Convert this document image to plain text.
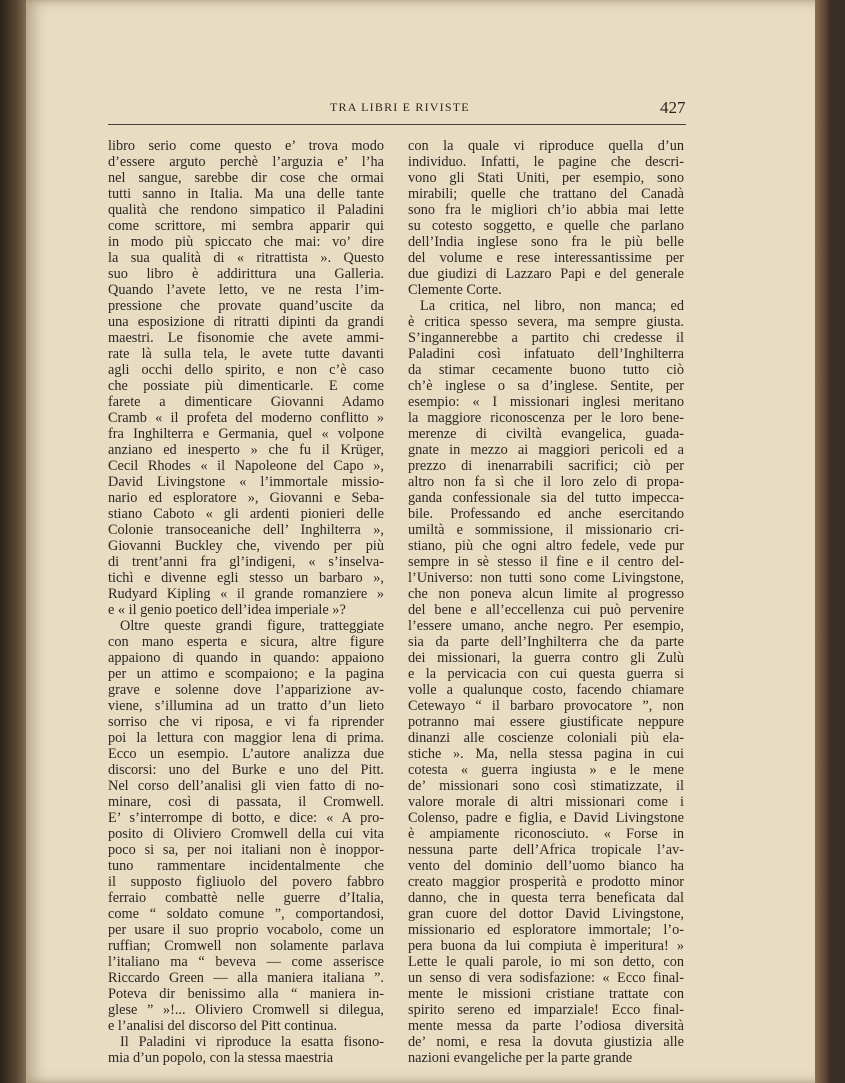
TRA LIBRI E RIVISTE	427
libro serio come questo e’ trova modo
d’essere arguto perchè l’arguzia e’ l’ha
nel sangue, sarebbe dir cose che ormai
tutti sanno in Italia. Ma una delle tante
qualità che rendono simpatico il Paladini
come scrittore, mi sembra apparir qui
in modo più spiccato che mai: vo’ dire
la sua qualità di « ritrattista ». Questo
suo libro è addirittura una Galleria.
Quando l’avete letto, ve ne resta l’im-
pressione che provate quand’uscite da
una esposizione di ritratti dipinti da grandi
maestri. Le fisonomie che avete ammi-
rate là sulla tela, le avete tutte davanti
agli occhi dello spirito, e non c’è caso
che possiate più dimenticarle. E come
farete a dimenticare Giovanni Adamo
Cramb « il profeta del moderno conflitto »
fra Inghilterra e Germania, quel « volpone
anziano ed inesperto » che fu il Krüger,
Cecil Rhodes « il Napoleone del Capo »,
David Livingstone « l’immortale missio-
nario ed esploratore », Giovanni e Seba-
stiano Caboto « gli ardenti pionieri delle
Colonie transoceaniche dell’ Inghilterra »,
Giovanni Buckley che, vivendo per più
di trent’anni fra gl’indigeni, « s’inselva-
tichì e divenne egli stesso un barbaro »,
Rudyard Kipling « il grande romanziere »
e « il genio poetico dell’idea imperiale »?
Oltre queste grandi figure, tratteggiate
con mano esperta e sicura, altre figure
appaiono di quando in quando: appaiono
per un attimo e scompaiono; e la pagina
grave e solenne dove l’apparizione av-
viene, s’illumina ad un tratto d’un lieto
sorriso che vi riposa, e vi fa riprender
poi la lettura con maggior lena di prima.
Ecco un esempio. L’autore analizza due
discorsi: uno del Burke e uno del Pitt.
Nel corso dell’analisi gli vien fatto di no-
minare, così di passata, il Cromwell.
E’ s’interrompe di botto, e dice: « A pro-
posito di Oliviero Cromwell della cui vita
poco si sa, per noi italiani non è inoppor-
tuno rammentare incidentalmente che
il supposto figliuolo del povero fabbro
ferraio combattè nelle guerre d’Italia,
come “ soldato comune ”, comportandosi,
per usare il suo proprio vocabolo, come un
ruffian; Cromwell non solamente parlava
l’italiano ma “ beveva — come asserisce
Riccardo Green — alla maniera italiana ”.
Poteva dir benissimo alla “ maniera in-
glese ” »!... Oliviero Cromwell si dilegua,
e l’analisi del discorso del Pitt continua.
Il Paladini vi riproduce la esatta fisono-
mia d’un popolo, con la stessa maestria
con la quale vi riproduce quella d’un
individuo. Infatti, le pagine che descri-
vono gli Stati Uniti, per esempio, sono
mirabili; quelle che trattano del Canadà
sono fra le migliori ch’io abbia mai lette
su cotesto soggetto, e quelle che parlano
dell’India inglese sono fra le più belle
del volume e rese interessantissime per
due giudizi di Lazzaro Papi e del generale
Clemente Corte.
La critica, nel libro, non manca; ed
è critica spesso severa, ma sempre giusta.
S’ingannerebbe a partito chi credesse il
Paladini così infatuato dell’Inghilterra
da stimar cecamente buono tutto ciò
ch’è inglese o sa d’inglese. Sentite, per
esempio: « I missionari inglesi meritano
la maggiore riconoscenza per le loro bene-
merenze di civiltà evangelica, guada-
gnate in mezzo ai maggiori pericoli ed a
prezzo di inenarrabili sacrifici; ciò per
altro non fa sì che il loro zelo di propa-
ganda confessionale sia del tutto impecca-
bile. Professando ed anche esercitando
umiltà e sommissione, il missionario cri-
stiano, più che ogni altro fedele, vede pur
sempre in sè stesso il fine e il centro del-
l’Universo: non tutti sono come Livingstone,
che non poneva alcun limite al progresso
del bene e all’eccellenza cui può pervenire
l’essere umano, anche negro. Per esempio,
sia da parte dell’Inghilterra che da parte
dei missionari, la guerra contro gli Zulù
e la pervicacia con cui questa guerra si
volle a qualunque costo, facendo chiamare
Cetewayo “ il barbaro provocatore ”, non
potranno mai essere giustificate neppure
dinanzi alle coscienze coloniali più ela-
stiche ». Ma, nella stessa pagina in cui
cotesta « guerra ingiusta » e le mene
de’ missionari sono così stimatizzate, il
valore morale di altri missionari come i
Colenso, padre e figlia, e David Livingstone
è ampiamente riconosciuto. « Forse in
nessuna parte dell’Africa tropicale l’av-
vento del dominio dell’uomo bianco ha
creato maggior prosperità e prodotto minor
danno, che in questa terra beneficata dal
gran cuore del dottor David Livingstone,
missionario ed esploratore immortale; l’o-
pera buona da lui compiuta è imperitura! »
Lette le quali parole, io mi son detto, con
un senso di vera sodisfazione: « Ecco final-
mente le missioni cristiane trattate con
spirito sereno ed imparziale! Ecco final-
mente messa da parte l’odiosa diversità
de’ nomi, e resa la dovuta giustizia alle
nazioni evangeliche per la parte grande
